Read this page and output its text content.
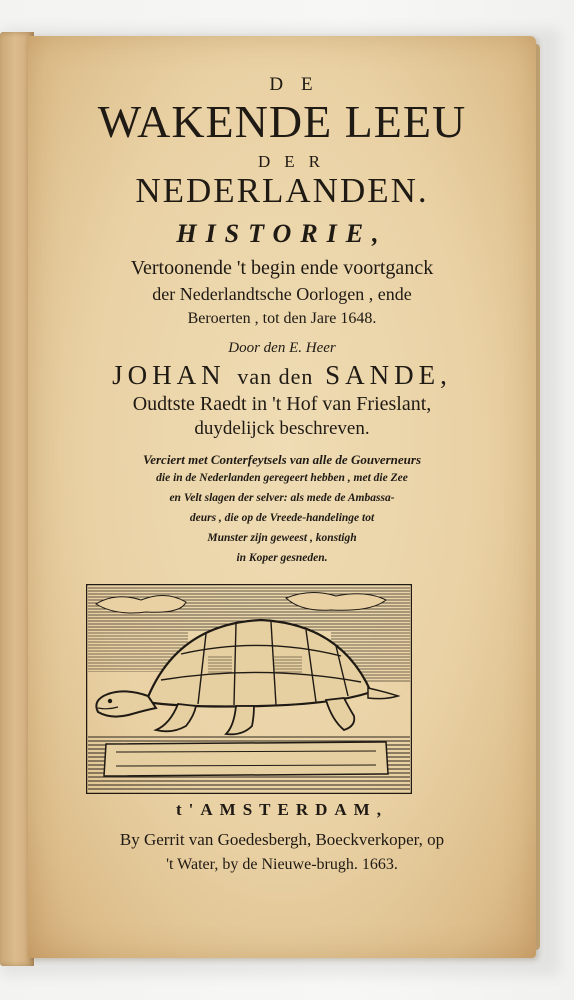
DE
WAKENDE LEEU
DER
NEDERLANDEN.
HISTORIE,
Vertoonende 't begin ende voortganck
der Nederlandtsche Oorlogen , ende
Beroerten , tot den Jare 1648.
Door den E. Heer
JOHAN van den SANDE,
Oudtste Raedt in 't Hof van Frieslant,
duydelijck beschreven.
Verciert met Conterfeytsels van alle de Gouverneurs
die in de Nederlanden geregeert hebben , met die Zee
en Velt slagen der selver: als mede de Ambassa-
deurs , die op de Vreede-handelinge tot
Munster zijn geweest , konstigh
in Koper gesneden.
t'AMSTERDAM,
By Gerrit van Goedesbergh, Boeckverkoper, op
't Water, by de Nieuwe-brugh. 1663.
